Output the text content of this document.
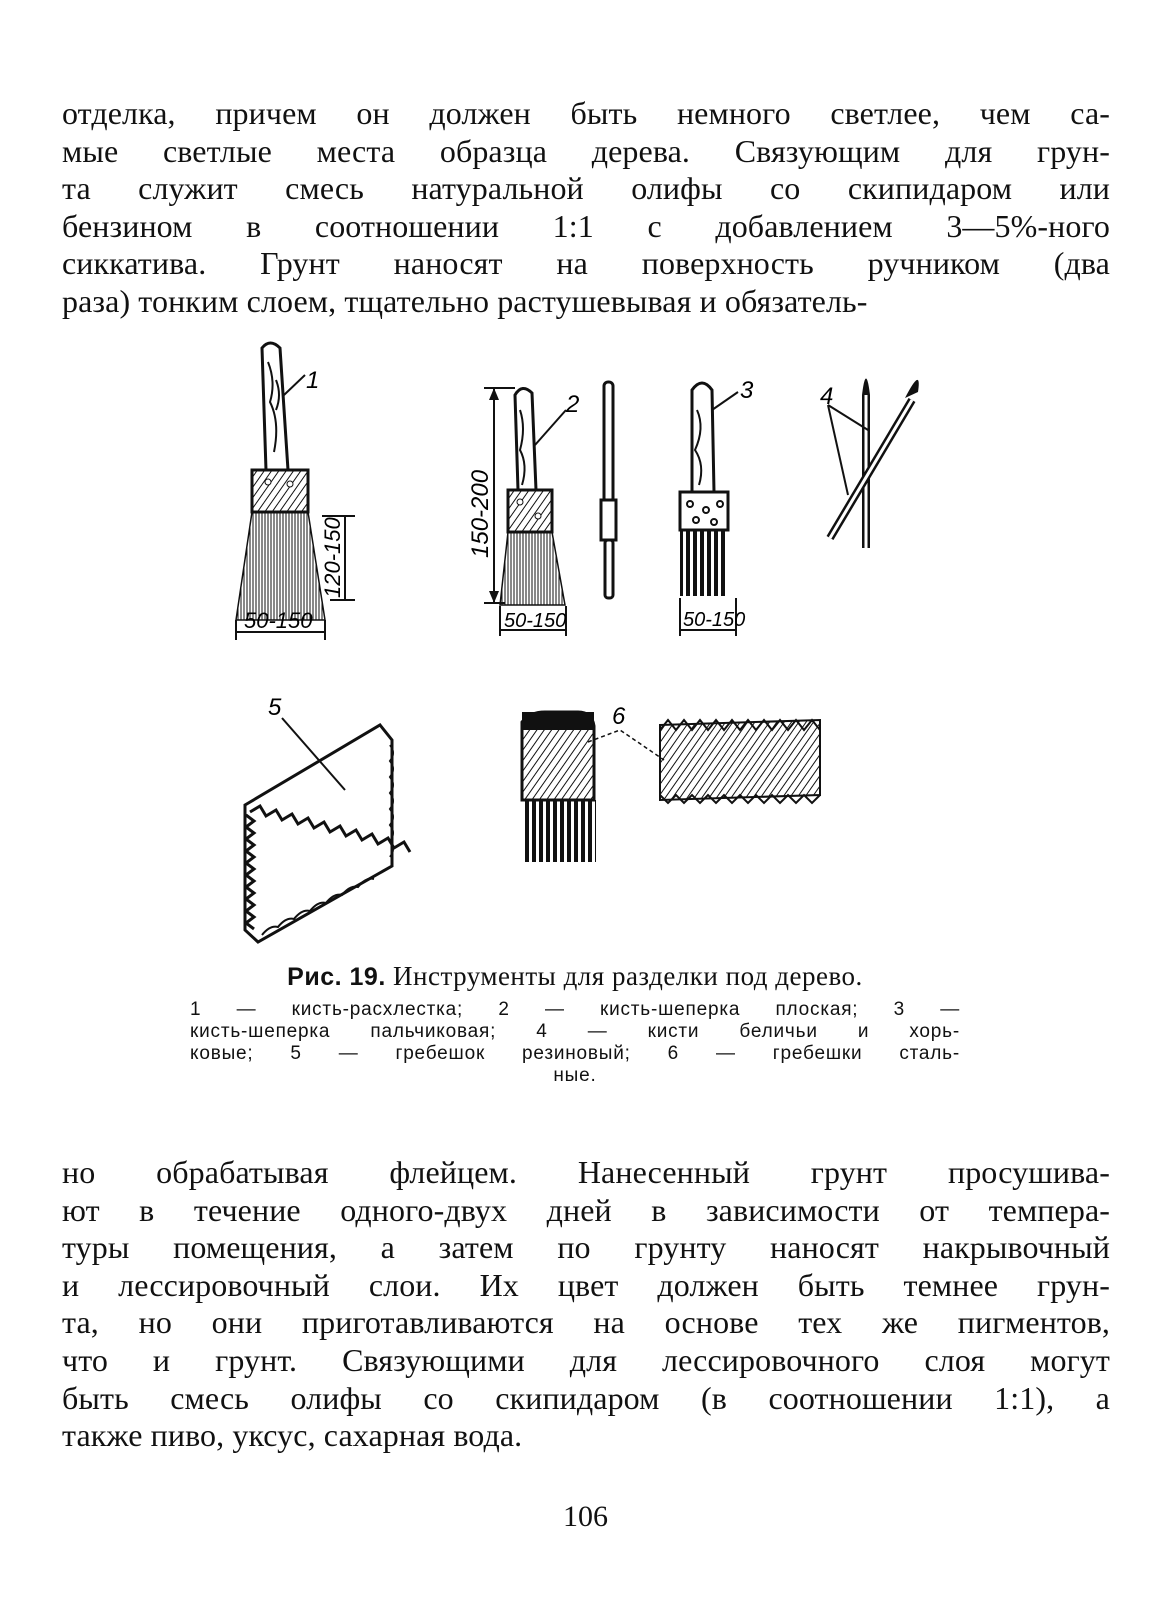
отделка, причем он должен быть немного светлее, чем са-
мые светлые места образца дерева. Связующим для грун-
та служит смесь натуральной олифы со скипидаром или
бензином в соотношении 1:1 с добавлением 3—5%-ного
сиккатива. Грунт наносят на поверхность ручником (два
раза) тонким слоем, тщательно растушевывая и обязатель-
1
2
3	4
5	6
50-150
120-150	150-200
50-150	50-150
Рис. 19. Инструменты для разделки под дерево.
1 — кисть-расхлестка; 2 — кисть-шеперка плоская; 3 —
кисть-шеперка пальчиковая; 4 — кисти беличьи и хорь-
ковые; 5 — гребешок резиновый; 6 — гребешки сталь-
ные.
но обрабатывая флейцем. Нанесенный грунт просушива-
ют в течение одного-двух дней в зависимости от темпера-
туры помещения, а затем по грунту наносят накрывочный
и лессировочный слои. Их цвет должен быть темнее грун-
та, но они приготавливаются на основе тех же пигментов,
что и грунт. Связующими для лессировочного слоя могут
быть смесь олифы со скипидаром (в соотношении 1:1), а
также пиво, уксус, сахарная вода.
106
